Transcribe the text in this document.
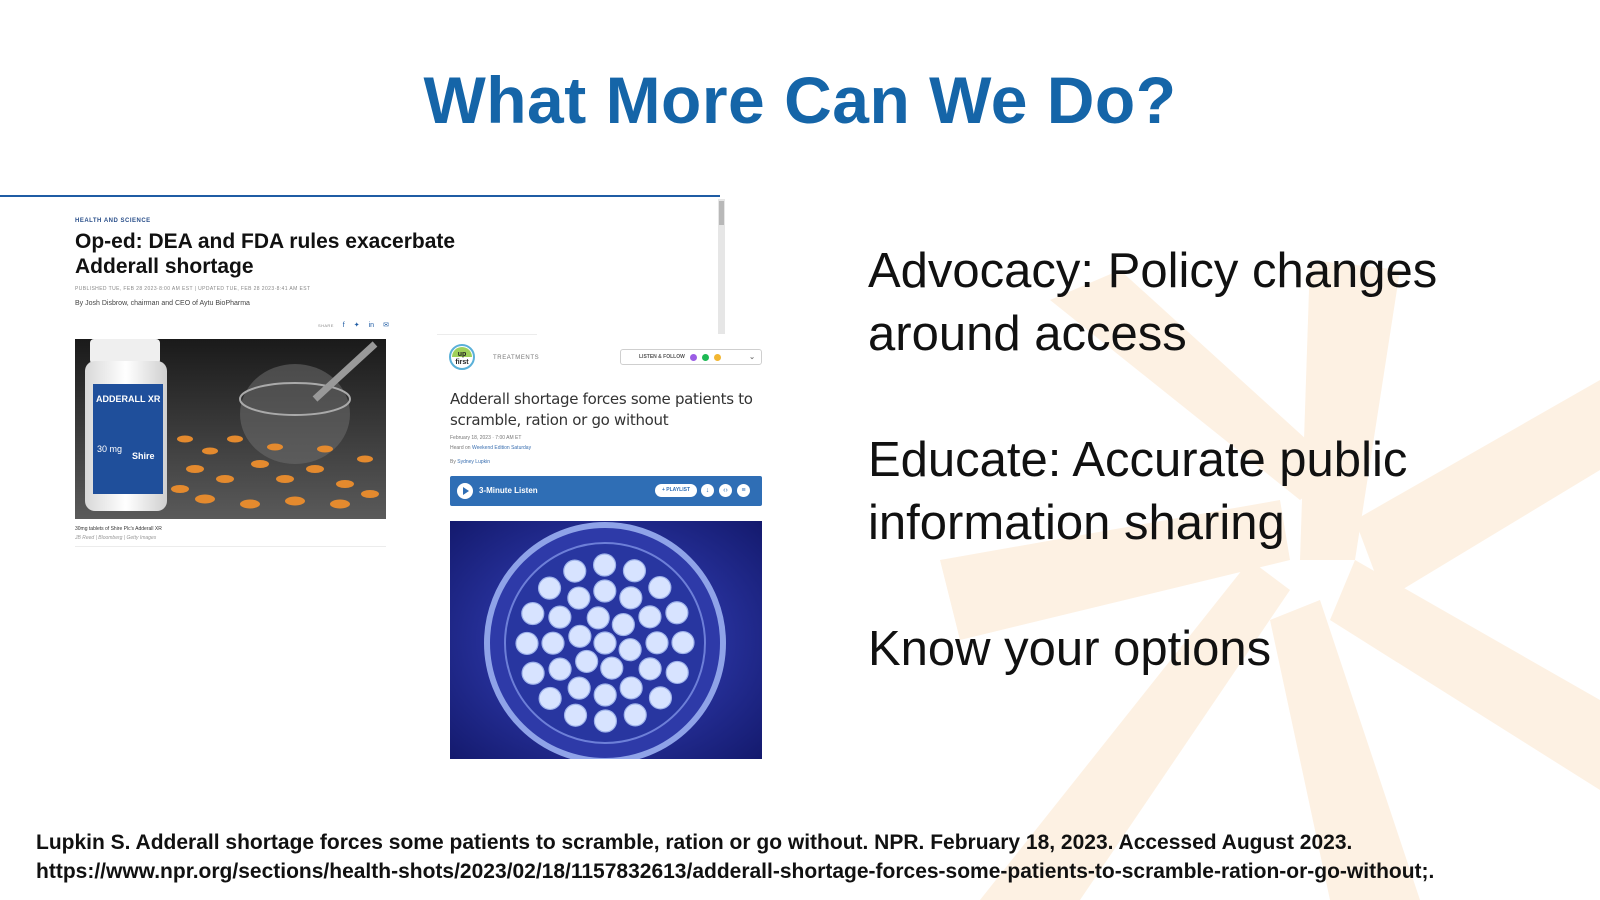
What More Can We Do?
HEALTH AND SCIENCE
Op-ed: DEA and FDA rules exacerbate Adderall shortage
PUBLISHED TUE, FEB 28 2023·8:00 AM EST | UPDATED TUE, FEB 28 2023·8:41 AM EST
By Josh Disbrow, chairman and CEO of Aytu BioPharma
SHARE f ✦ in ✉
ADDERALL XR
30 mg
Shire
30mg tablets of Shire Plc's Adderall XR
JB Reed | Bloomberg | Getty Images
up
first
TREATMENTS	LISTEN & FOLLOW	⌄
Adderall shortage forces some patients to scramble, ration or go without
February 18, 2023 · 7:00 AM ET
Heard on Weekend Edition Saturday
By Sydney Lupkin
3-Minute Listen	+ PLAYLIST	↓	‹›	≡
Advocacy: Policy changes around access
Educate: Accurate public information sharing
Know your options
Lupkin S. Adderall shortage forces some patients to scramble, ration or go without. NPR. February 18, 2023. Accessed August 2023.
https://www.npr.org/sections/health-shots/2023/02/18/1157832613/adderall-shortage-forces-some-patients-to-scramble-ration-or-go-without;.
